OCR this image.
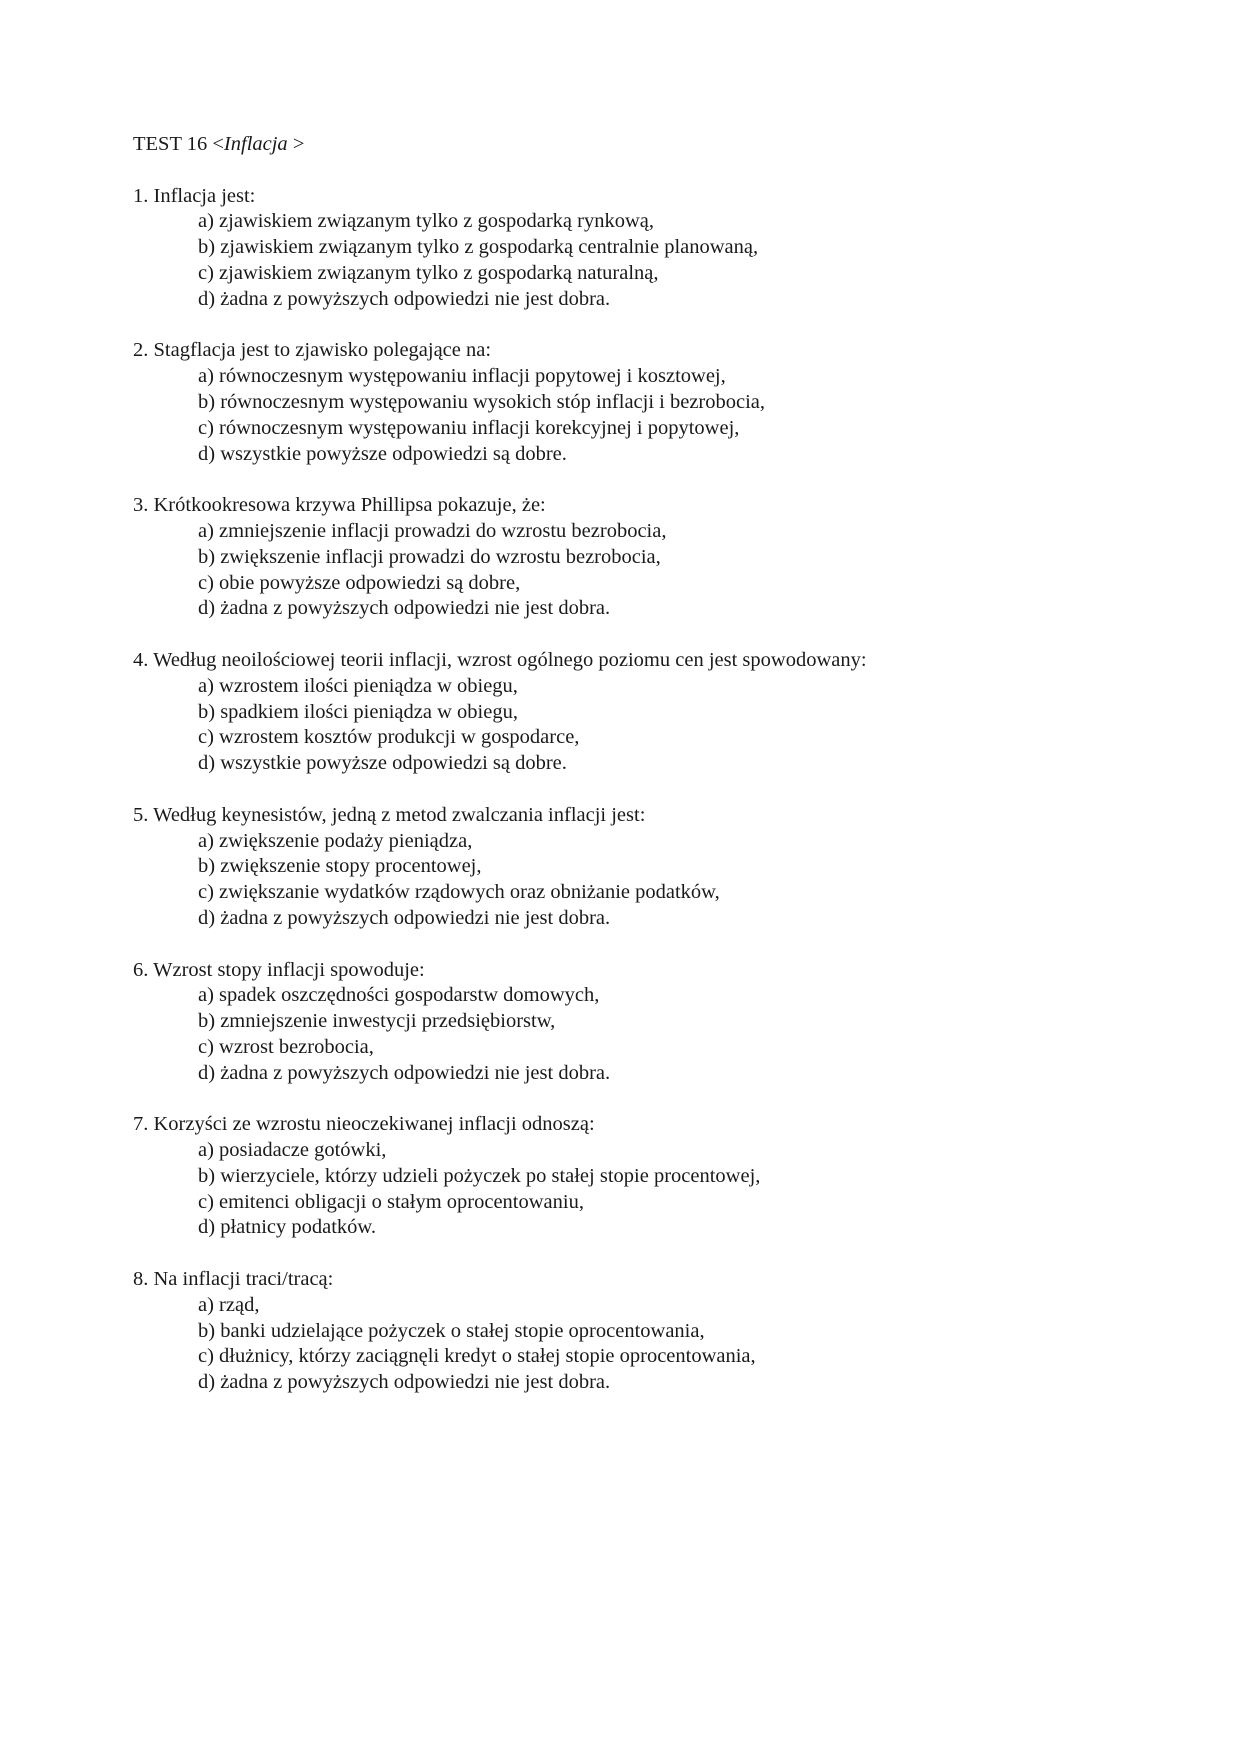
TEST 16 <Inflacja >
1. Inflacja jest:
a) zjawiskiem związanym tylko z gospodarką rynkową,
b) zjawiskiem związanym tylko z gospodarką centralnie planowaną,
c) zjawiskiem związanym tylko z gospodarką naturalną,
d) żadna z powyższych odpowiedzi nie jest dobra.
2. Stagflacja jest to zjawisko polegające na:
a) równoczesnym występowaniu inflacji popytowej i kosztowej,
b) równoczesnym występowaniu wysokich stóp inflacji i bezrobocia,
c) równoczesnym występowaniu inflacji korekcyjnej i popytowej,
d) wszystkie powyższe odpowiedzi są dobre.
3. Krótkookresowa krzywa Phillipsa pokazuje, że:
a) zmniejszenie inflacji prowadzi do wzrostu bezrobocia,
b) zwiększenie inflacji prowadzi do wzrostu bezrobocia,
c) obie powyższe odpowiedzi są dobre,
d) żadna z powyższych odpowiedzi nie jest dobra.
4. Według neoilościowej teorii inflacji, wzrost ogólnego poziomu cen jest spowodowany:
a) wzrostem ilości pieniądza w obiegu,
b) spadkiem ilości pieniądza w obiegu,
c) wzrostem kosztów produkcji w gospodarce,
d) wszystkie powyższe odpowiedzi są dobre.
5. Według keynesistów, jedną z metod zwalczania inflacji jest:
a) zwiększenie podaży pieniądza,
b) zwiększenie stopy procentowej,
c) zwiększanie wydatków rządowych oraz obniżanie podatków,
d) żadna z powyższych odpowiedzi nie jest dobra.
6. Wzrost stopy inflacji spowoduje:
a) spadek oszczędności gospodarstw domowych,
b) zmniejszenie inwestycji przedsiębiorstw,
c) wzrost bezrobocia,
d) żadna z powyższych odpowiedzi nie jest dobra.
7. Korzyści ze wzrostu nieoczekiwanej inflacji odnoszą:
a) posiadacze gotówki,
b) wierzyciele, którzy udzieli pożyczek po stałej stopie procentowej,
c) emitenci obligacji o stałym oprocentowaniu,
d) płatnicy podatków.
8. Na inflacji traci/tracą:
a) rząd,
b) banki udzielające pożyczek o stałej stopie oprocentowania,
c) dłużnicy, którzy zaciągnęli kredyt o stałej stopie oprocentowania,
d) żadna z powyższych odpowiedzi nie jest dobra.
